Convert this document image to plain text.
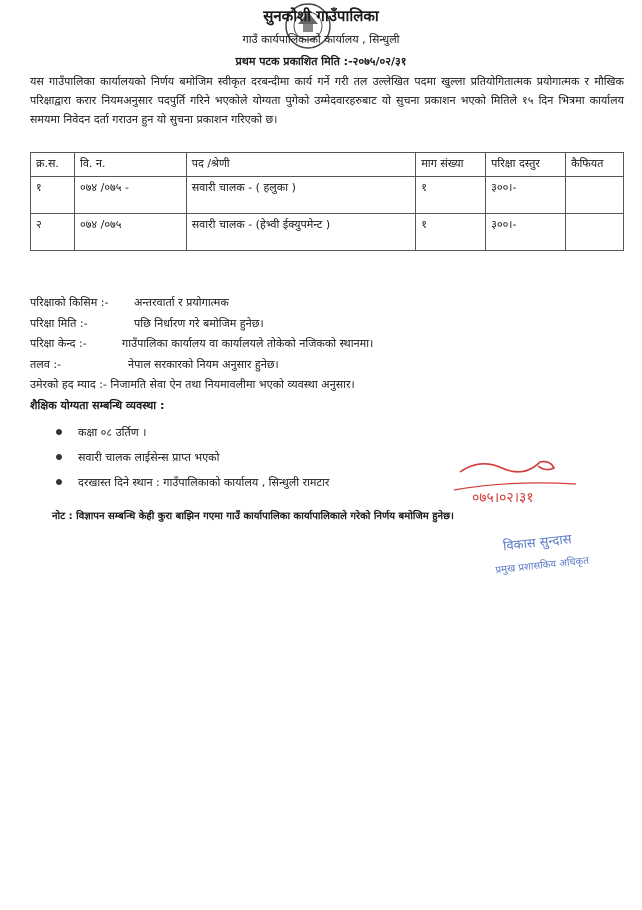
सुनकोशी गाउँपालिका
गाउँ कार्यपालिकाको कार्यालय , सिन्धुली
प्रथम पटक प्रकाशित मिति :-२०७५/०२/३१
यस गाउँपालिका कार्यालयको निर्णय बमोजिम स्वीकृत दरबन्दीमा कार्य गर्ने गरी तल उल्लेखित पदमा खुल्ला प्रतियोगितात्मक प्रयोगात्मक र मौखिक परिक्षाद्वारा करार नियमअनुसार पदपुर्ति गरिने भएकोले योग्यता पुगेको उम्मेदवारहरुबाट यो सुचना प्रकाशन भएको मितिले १५ दिन भित्रमा कार्यालय समयमा निवेदन दर्ता गराउन हुन यो सुचना प्रकाशन गरिएको छ।
क्र.स.	वि. न.	पद /श्रेणी	माग संख्या	परिक्षा दस्तुर	कैफियत
१	०७४ /०७५ -	सवारी चालक - ( हलुका )	१	३००।-	
२	०७४ /०७५	सवारी चालक - (हेभ्वी ईक्युपमेन्ट )	१	३००।-	
परिक्षाको किसिम :- अन्तरवार्ता र प्रयोगात्मक
परिक्षा मिति :-	पछि निर्धारण गरे बमोजिम हुनेछ।
परिक्षा केन्द :-	गाउँपालिका कार्यालय वा कार्यालयले तोकेको नजिकको स्थानमा।
तलव :-	नेपाल सरकारको नियम अनुसार हुनेछ।
उमेरको हद म्याद :- निजामति सेवा ऐन तथा नियमावलीमा भएको व्यवस्था अनुसार।
शैक्षिक योग्यता सम्बन्धि व्यवस्था :
कक्षा ०८ उर्तिण ।
सवारी चालक लाईसेन्स प्राप्त भएको
दरखास्त दिने स्थान : गाउँपालिकाको कार्यालय , सिन्धुली रामटार
०७५।०२।३१
नोट : विज्ञापन सम्बन्धि केही कुरा बाझिन गएमा गाउँ कार्यापालिका कार्यापालिकाले गरेको निर्णय बमोजिम हुनेछ।
विकास सुन्दास
प्रमुख प्रशासकिय अधिकृत
